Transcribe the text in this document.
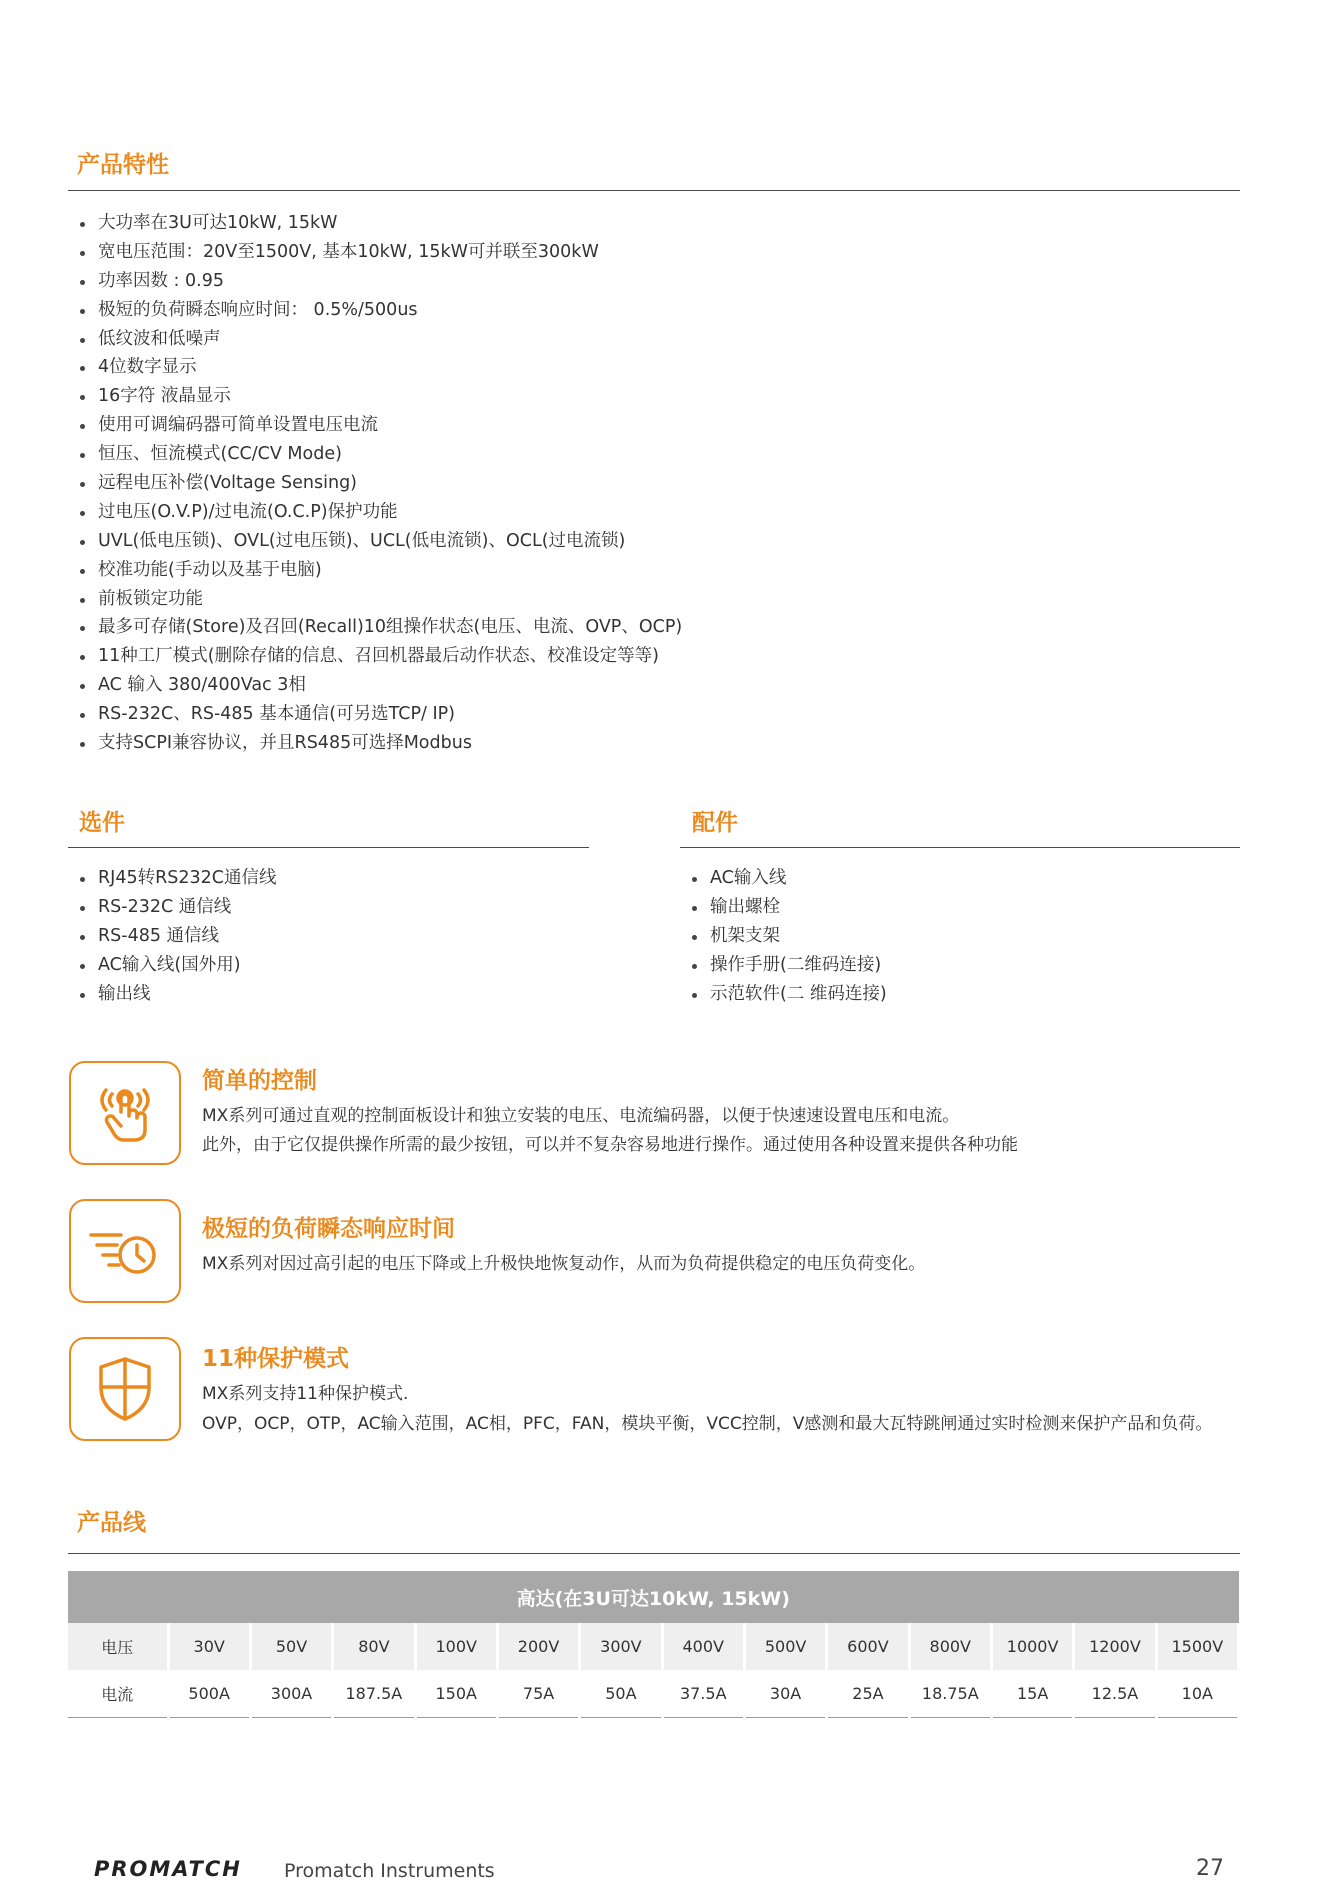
产品特性
大功率在3U可达10kW, 15kW
宽电压范围：20V至1500V, 基本10kW, 15kW可并联至300kW
功率因数 : 0.95
极短的负荷瞬态响应时间： 0.5%/500us
低纹波和低噪声
4位数字显示
16字符 液晶显示
使用可调编码器可简单设置电压电流
恒压、恒流模式(CC/CV Mode)
远程电压补偿(Voltage Sensing)
过电压(O.V.P)/过电流(O.C.P)保护功能
UVL(低电压锁)、OVL(过电压锁)、UCL(低电流锁)、OCL(过电流锁)
校准功能(手动以及基于电脑)
前板锁定功能
最多可存储(Store)及召回(Recall)10组操作状态(电压、电流、OVP、OCP)
11种工厂模式(删除存储的信息、召回机器最后动作状态、校准设定等等)
AC 输入 380/400Vac 3相
RS-232C、RS-485 基本通信(可另选TCP/ IP)
支持SCPI兼容协议，并且RS485可选择Modbus
选件
RJ45转RS232C通信线
RS-232C 通信线
RS-485 通信线
AC输入线(国外用)
输出线
配件
AC输入线
输出螺栓
机架支架
操作手册(二维码连接)
示范软件(二 维码连接)
简单的控制
MX系列可通过直观的控制面板设计和独立安装的电压、电流编码器，以便于快速速设置电压和电流。
此外，由于它仅提供操作所需的最少按钮，可以并不复杂容易地进行操作。通过使用各种设置来提供各种功能
极短的负荷瞬态响应时间
MX系列对因过高引起的电压下降或上升极快地恢复动作，从而为负荷提供稳定的电压负荷变化。
11种保护模式
MX系列支持11种保护模式.
OVP，OCP，OTP，AC输入范围，AC相，PFC，FAN，模块平衡，VCC控制，V感测和最大瓦特跳闸通过实时检测来保护产品和负荷。
产品线
高达(在3U可达10kW, 15kW)													
电压	30V	50V	80V	100V	200V	300V	400V	500V	600V	800V	1000V	1200V	1500V
电流	500A	300A	187.5A	150A	75A	50A	37.5A	30A	25A	18.75A	15A	12.5A	10A
PROMATCH Promatch Instruments	27
